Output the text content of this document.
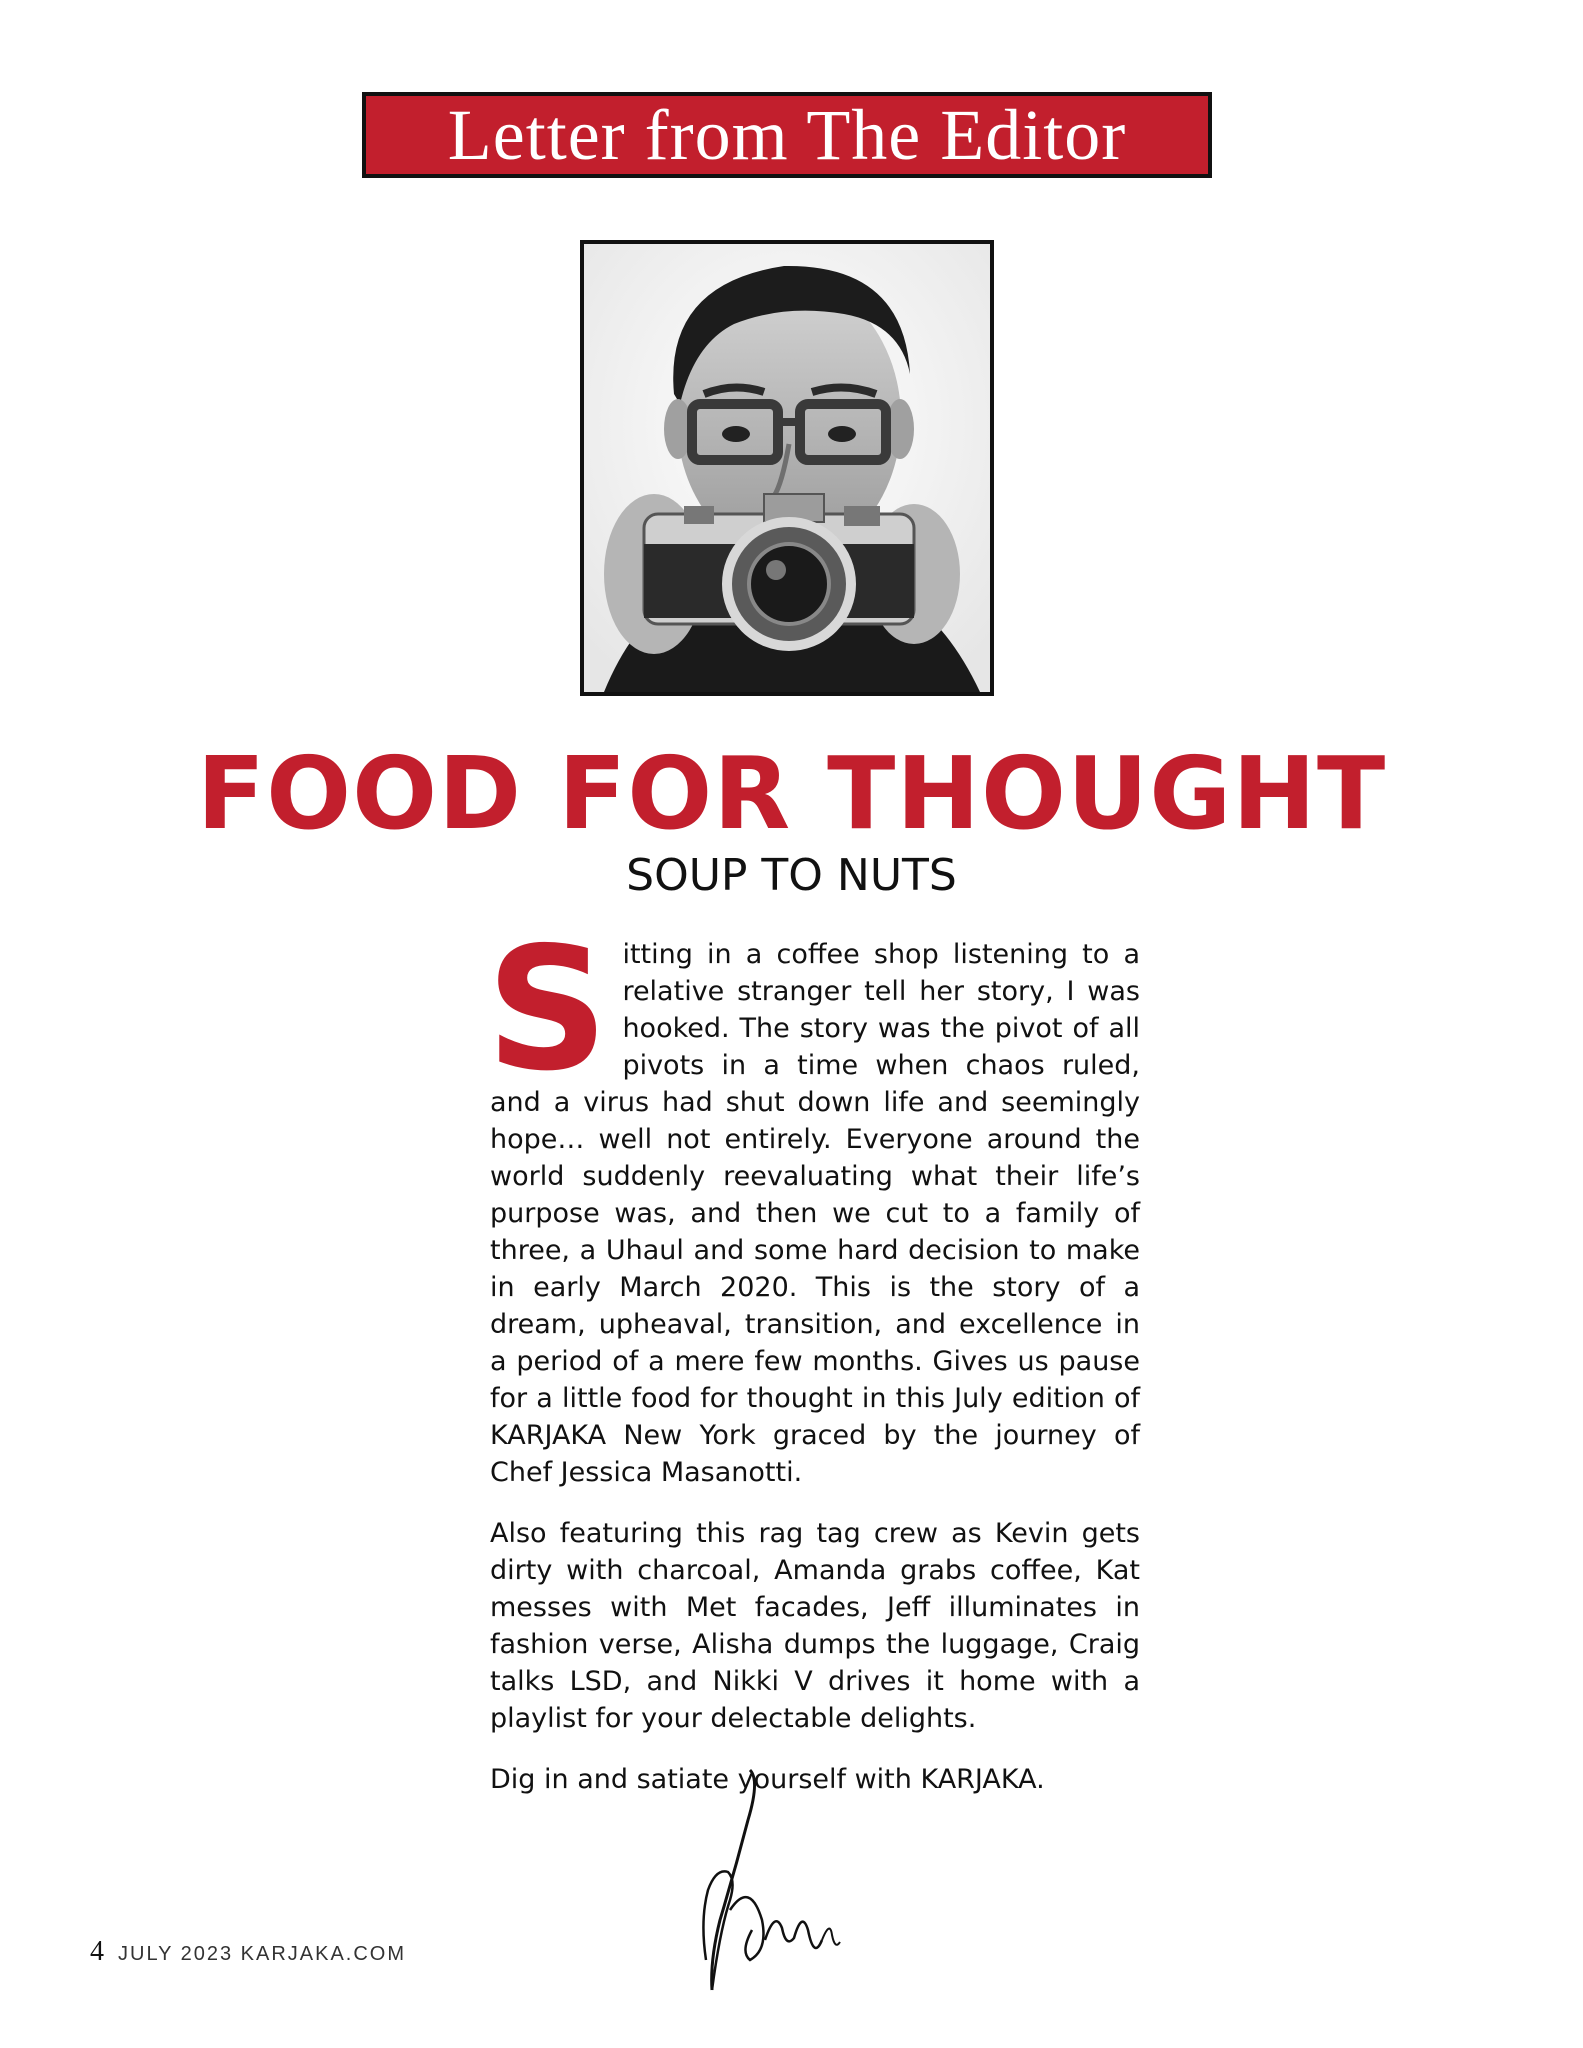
Letter from The Editor
FOOD FOR THOUGHT
SOUP TO NUTS

Sitting in a coffee shop listening to a relative stranger tell her story, I was hooked. The story was the pivot of all pivots in a time when chaos ruled, and a virus had shut down life and seemingly hope… well not entirely. Everyone around the world suddenly reevaluating what their life’s purpose was, and then we cut to a family of three, a Uhaul and some hard decision to make in early March 2020. This is the story of a dream, upheaval, transition, and excellence in a period of a mere few months. Gives us pause for a little food for thought in this July edition of KARJAKA New York graced by the journey of Chef Jessica Masanotti.

Also featuring this rag tag crew as Kevin gets dirty with charcoal, Amanda grabs coffee, Kat messes with Met facades, Jeff illuminates in fashion verse, Alisha dumps the luggage, Craig talks LSD, and Nikki V drives it home with a playlist for your delectable delights.

Dig in and satiate yourself with KARJAKA.

4 JULY 2023 KARJAKA.COM
